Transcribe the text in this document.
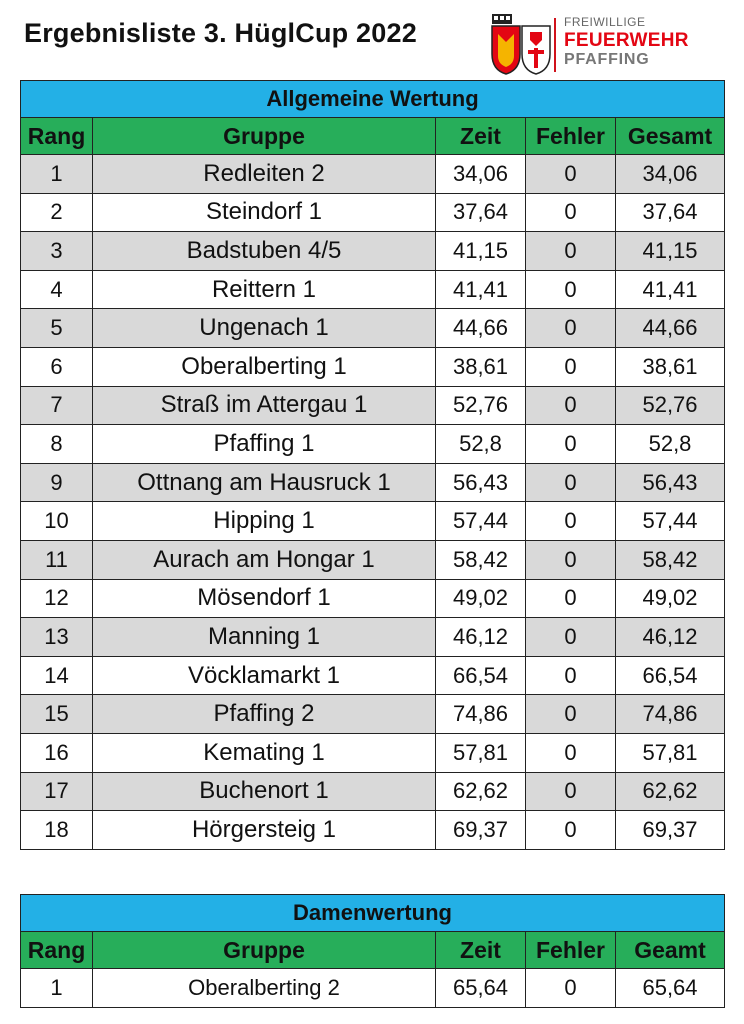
Ergebnisliste 3. HüglCup 2022	FREIWILLIGE
FEUERWEHR
PFAFFING
Allgemeine Wertung				
Rang	Gruppe	Zeit	Fehler	Gesamt
1	Redleiten 2	34,06	0	34,06
2	Steindorf 1	37,64	0	37,64
3	Badstuben 4/5	41,15	0	41,15
4	Reittern 1	41,41	0	41,41
5	Ungenach 1	44,66	0	44,66
6	Oberalberting 1	38,61	0	38,61
7	Straß im Attergau 1	52,76	0	52,76
8	Pfaffing 1	52,8	0	52,8
9	Ottnang am Hausruck 1	56,43	0	56,43
10	Hipping 1	57,44	0	57,44
11	Aurach am Hongar 1	58,42	0	58,42
12	Mösendorf 1	49,02	0	49,02
13	Manning 1	46,12	0	46,12
14	Vöcklamarkt 1	66,54	0	66,54
15	Pfaffing 2	74,86	0	74,86
16	Kemating 1	57,81	0	57,81
17	Buchenort 1	62,62	0	62,62
18	Hörgersteig 1	69,37	0	69,37
Damenwertung				
Rang	Gruppe	Zeit	Fehler	Geamt
1	Oberalberting 2	65,64	0	65,64
